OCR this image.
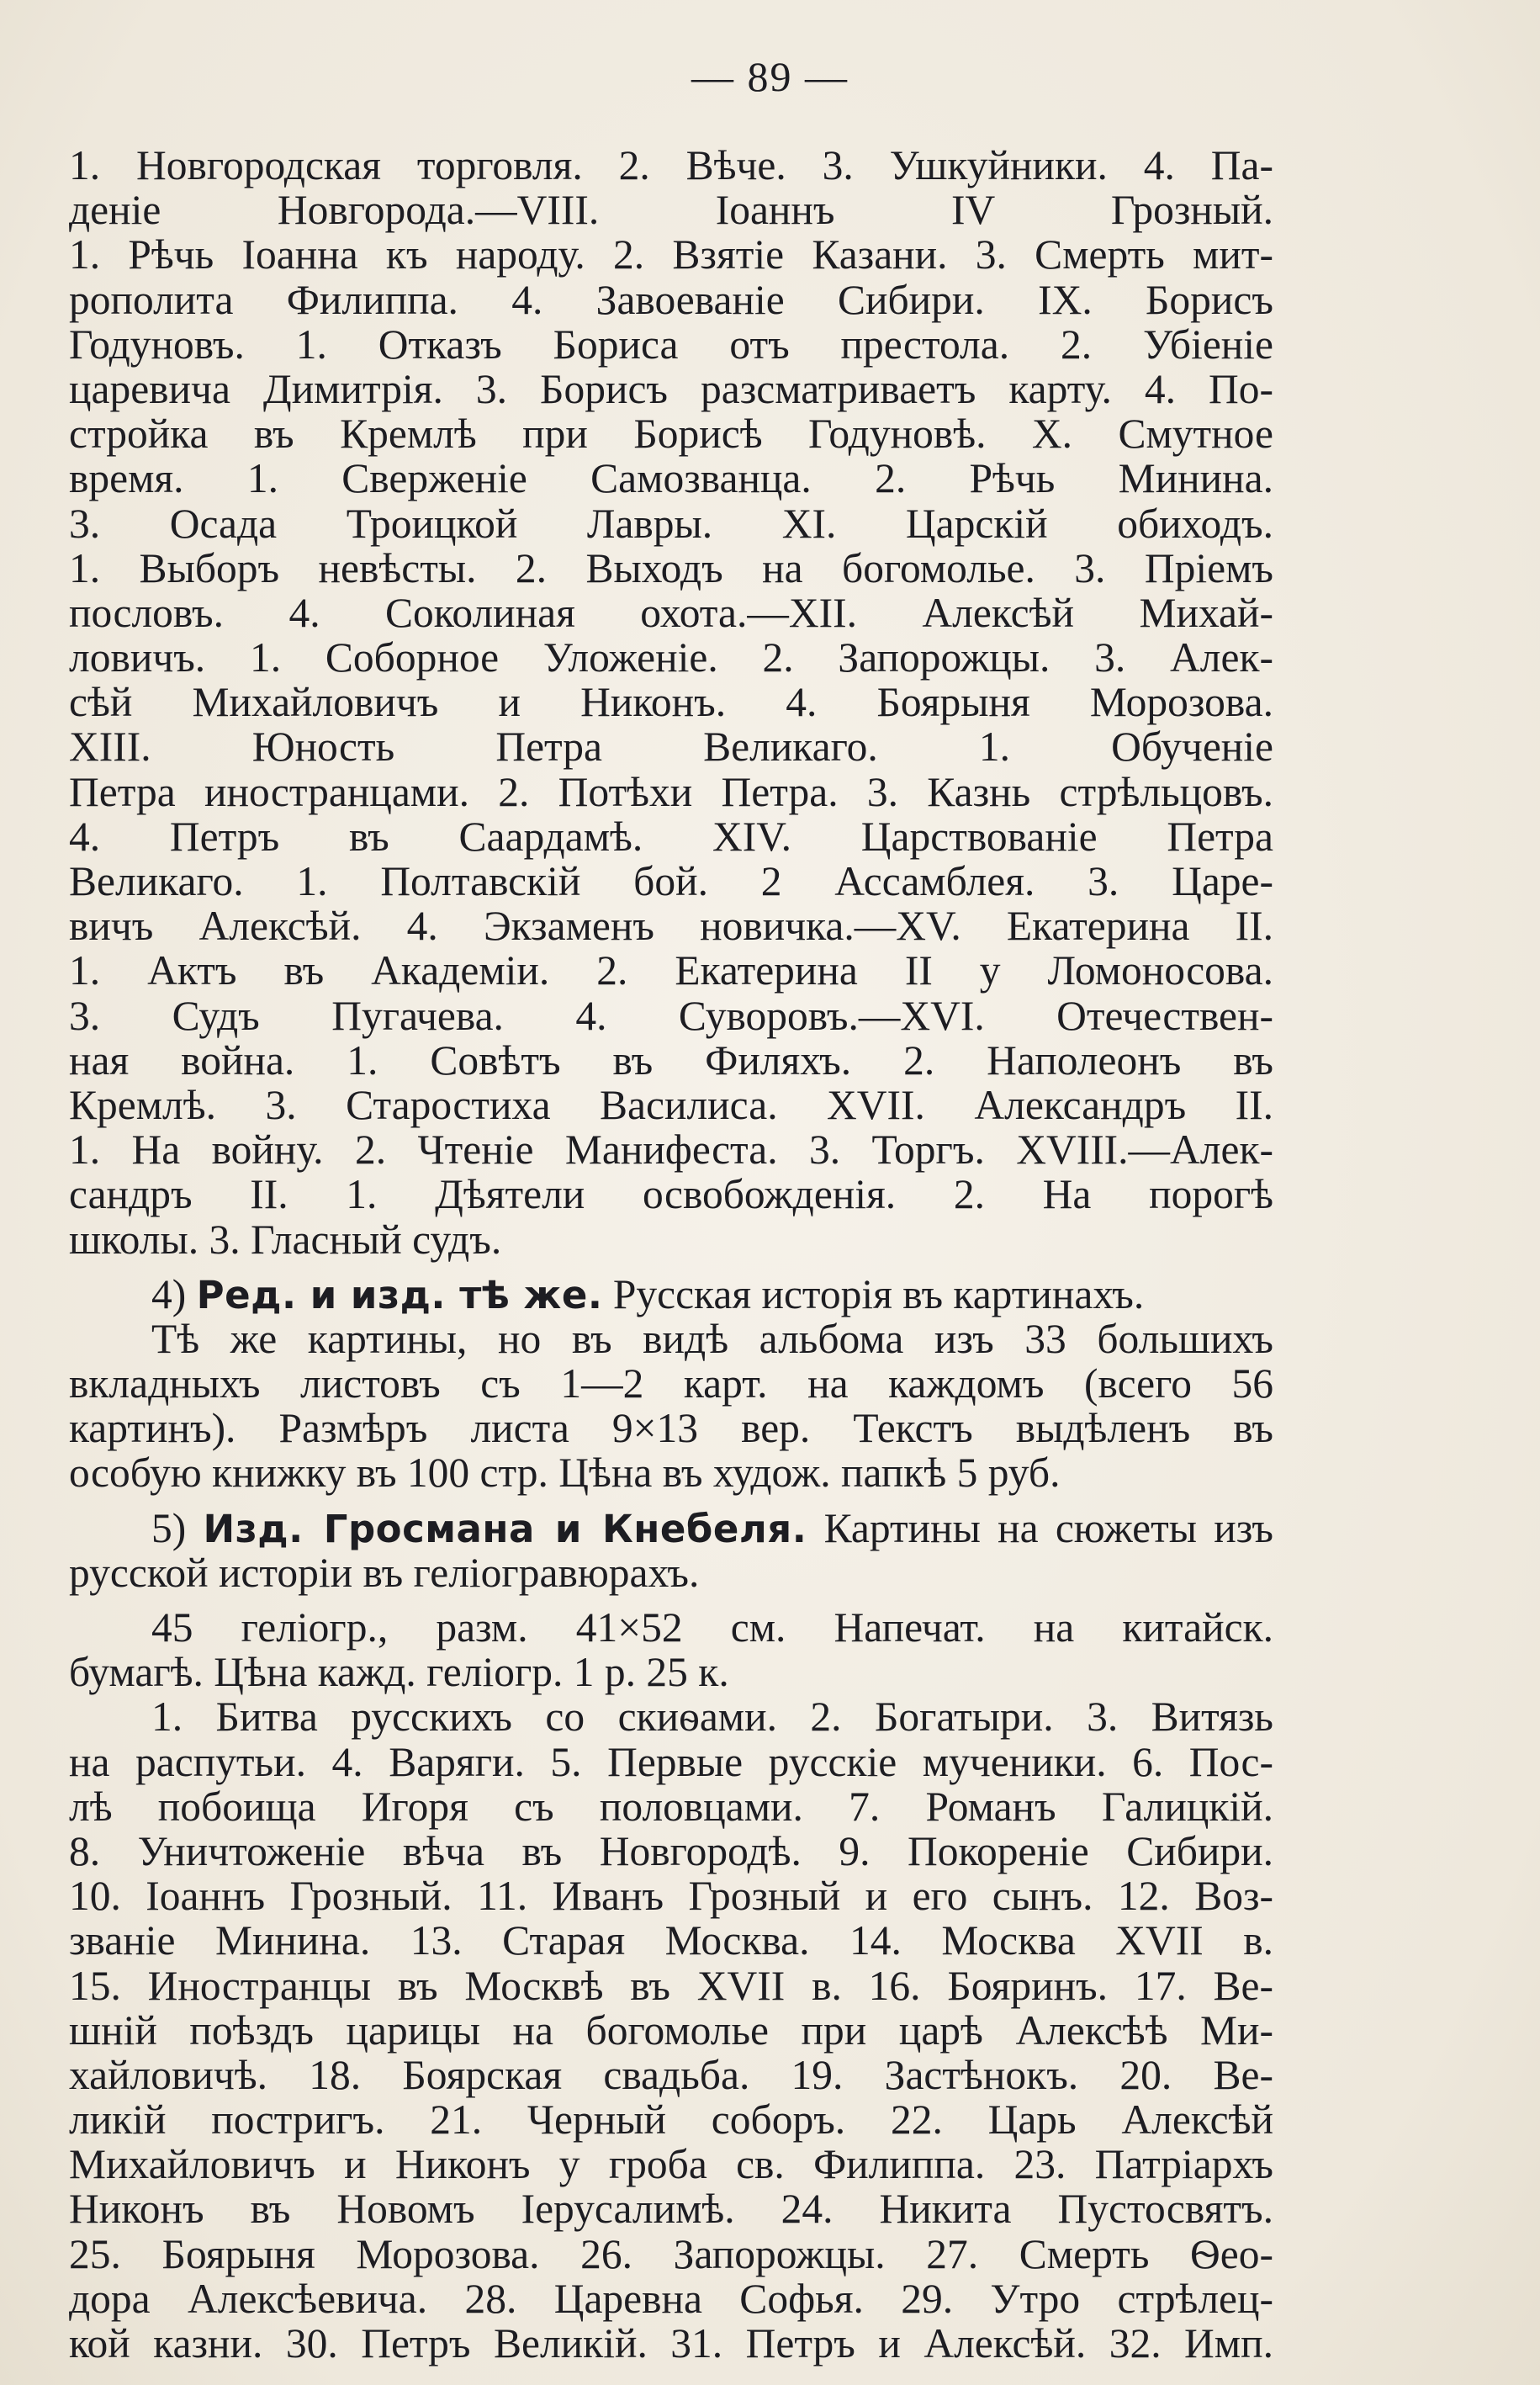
— 89 —
1. Новгородская торговля. 2. Вѣче. 3. Ушкуйники. 4. Па-
деніе Новгорода.—VIII. Іоаннъ IV Грозный.
1. Рѣчь Іоанна къ народу. 2. Взятіе Казани. 3. Смерть мит-
рополита Филиппа. 4. Завоеваніе Сибири. IX. Борисъ
Годуновъ. 1. Отказъ Бориса отъ престола. 2. Убіеніе
царевича Димитрія. 3. Борисъ разсматриваетъ карту. 4. По-
стройка въ Кремлѣ при Борисѣ Годуновѣ. X. Смутное
время. 1. Сверженіе Самозванца. 2. Рѣчь Минина.
3. Осада Троицкой Лавры. XI. Царскій обиходъ.
1. Выборъ невѣсты. 2. Выходъ на богомолье. 3. Пріемъ
пословъ. 4. Соколиная охота.—XII. Алексѣй Михай-
ловичъ. 1. Соборное Уложеніе. 2. Запорожцы. 3. Алек-
сѣй Михайловичъ и Никонъ. 4. Боярыня Морозова.
XIII. Юность Петра Великаго. 1. Обученіе
Петра иностранцами. 2. Потѣхи Петра. 3. Казнь стрѣльцовъ.
4. Петръ въ Саардамѣ. XIV. Царствованіе Петра
Великаго. 1. Полтавскій бой. 2 Ассамблея. 3. Царе-
вичъ Алексѣй. 4. Экзаменъ новичка.—XV. Екатерина II.
1. Актъ въ Академіи. 2. Екатерина II у Ломоносова.
3. Судъ Пугачева. 4. Суворовъ.—XVI. Отечествен-
ная война. 1. Совѣтъ въ Филяхъ. 2. Наполеонъ въ
Кремлѣ. 3. Старостиха Василиса. XVII. Александръ II.
1. На войну. 2. Чтеніе Манифеста. 3. Торгъ. XVIII.—Алек-
сандръ II. 1. Дѣятели освобожденія. 2. На порогѣ
школы. 3. Гласный судъ.
4) Ред. и изд. тѣ же. Русская исторія въ картинахъ.
Тѣ же картины, но въ видѣ альбома изъ 33 большихъ
вкладныхъ листовъ съ 1—2 карт. на каждомъ (всего 56
картинъ). Размѣръ листа 9×13 вер. Текстъ выдѣленъ въ
особую книжку въ 100 стр. Цѣна въ худож. папкѣ 5 руб.
5) Изд. Гросмана и Кнебеля. Картины на сюжеты изъ
русской исторіи въ геліогравюрахъ.
45 геліогр., разм. 41×52 см. Напечат. на китайск.
бумагѣ. Цѣна кажд. геліогр. 1 р. 25 к.
1. Битва русскихъ со скиѳами. 2. Богатыри. 3. Витязь
на распутьи. 4. Варяги. 5. Первые русскіе мученики. 6. Пос-
лѣ побоища Игоря съ половцами. 7. Романъ Галицкій.
8. Уничтоженіе вѣча въ Новгородѣ. 9. Покореніе Сибири.
10. Іоаннъ Грозный. 11. Иванъ Грозный и его сынъ. 12. Воз-
званіе Минина. 13. Старая Москва. 14. Москва XVII в.
15. Иностранцы въ Москвѣ въ XVII в. 16. Бояринъ. 17. Ве-
шній поѣздъ царицы на богомолье при царѣ Алексѣѣ Ми-
хайловичѣ. 18. Боярская свадьба. 19. Застѣнокъ. 20. Ве-
ликій постригъ. 21. Черный соборъ. 22. Царь Алексѣй
Михайловичъ и Никонъ у гроба св. Филиппа. 23. Патріархъ
Никонъ въ Новомъ Іерусалимѣ. 24. Никита Пустосвятъ.
25. Боярыня Морозова. 26. Запорожцы. 27. Смерть Ѳео-
дора Алексѣевича. 28. Царевна Софья. 29. Утро стрѣлец-
кой казни. 30. Петръ Великій. 31. Петръ и Алексѣй. 32. Имп.
